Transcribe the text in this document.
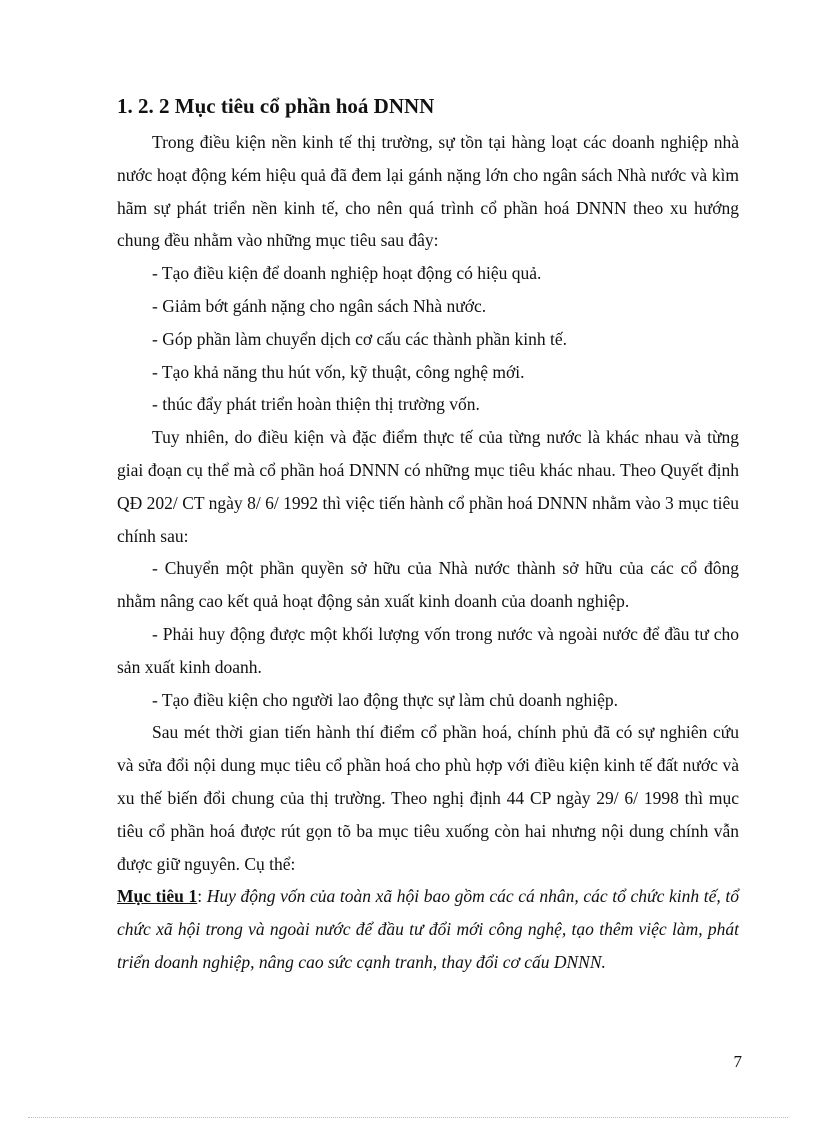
1. 2. 2 Mục tiêu cổ phần hoá DNNN

Trong điều kiện nền kinh tế thị trường, sự tồn tại hàng loạt các doanh nghiệp nhà nước hoạt động kém hiệu quả đã đem lại gánh nặng lớn cho ngân sách Nhà nước và kìm hãm sự phát triển nền kinh tế, cho nên quá trình cổ phần hoá DNNN theo xu hướng chung đều nhằm vào những mục tiêu sau đây:

- Tạo điều kiện để doanh nghiệp hoạt động có hiệu quả.

- Giảm bớt gánh nặng cho ngân sách Nhà nước.

- Góp phần làm chuyển dịch cơ cấu các thành phần kinh tế.

- Tạo khả năng thu hút vốn, kỹ thuật, công nghệ mới.

- thúc đẩy phát triển hoàn thiện thị trường vốn.

Tuy nhiên, do điều kiện và đặc điểm thực tế của từng nước là khác nhau và từng giai đoạn cụ thể mà cổ phần hoá DNNN có những mục tiêu khác nhau. Theo Quyết định QĐ 202/ CT ngày 8/ 6/ 1992 thì việc tiến hành cổ phần hoá DNNN nhằm vào 3 mục tiêu chính sau:

- Chuyển một phần quyền sở hữu của Nhà nước thành sở hữu của các cổ đông nhằm nâng cao kết quả hoạt động sản xuất kinh doanh của doanh nghiệp.

- Phải huy động được một khối lượng vốn trong nước và ngoài nước để đầu tư cho sản xuất kinh doanh.

- Tạo điều kiện cho người lao động thực sự làm chủ doanh nghiệp.

Sau mét thời gian tiến hành thí điểm cổ phần hoá, chính phủ đã có sự nghiên cứu và sửa đổi nội dung mục tiêu cổ phần hoá cho phù hợp với điều kiện kinh tế đất nước và xu thế biến đổi chung của thị trường. Theo nghị định 44 CP ngày 29/ 6/ 1998 thì mục tiêu cổ phần hoá được rút gọn tõ ba mục tiêu xuống còn hai nhưng nội dung chính vẫn được giữ nguyên. Cụ thể:

Mục tiêu 1: Huy động vốn của toàn xã hội bao gồm các cá nhân, các tổ chức kinh tế, tổ chức xã hội trong và ngoài nước để đầu tư đổi mới công nghệ, tạo thêm việc làm, phát triển doanh nghiệp, nâng cao sức cạnh tranh, thay đổi cơ cấu DNNN.

7
